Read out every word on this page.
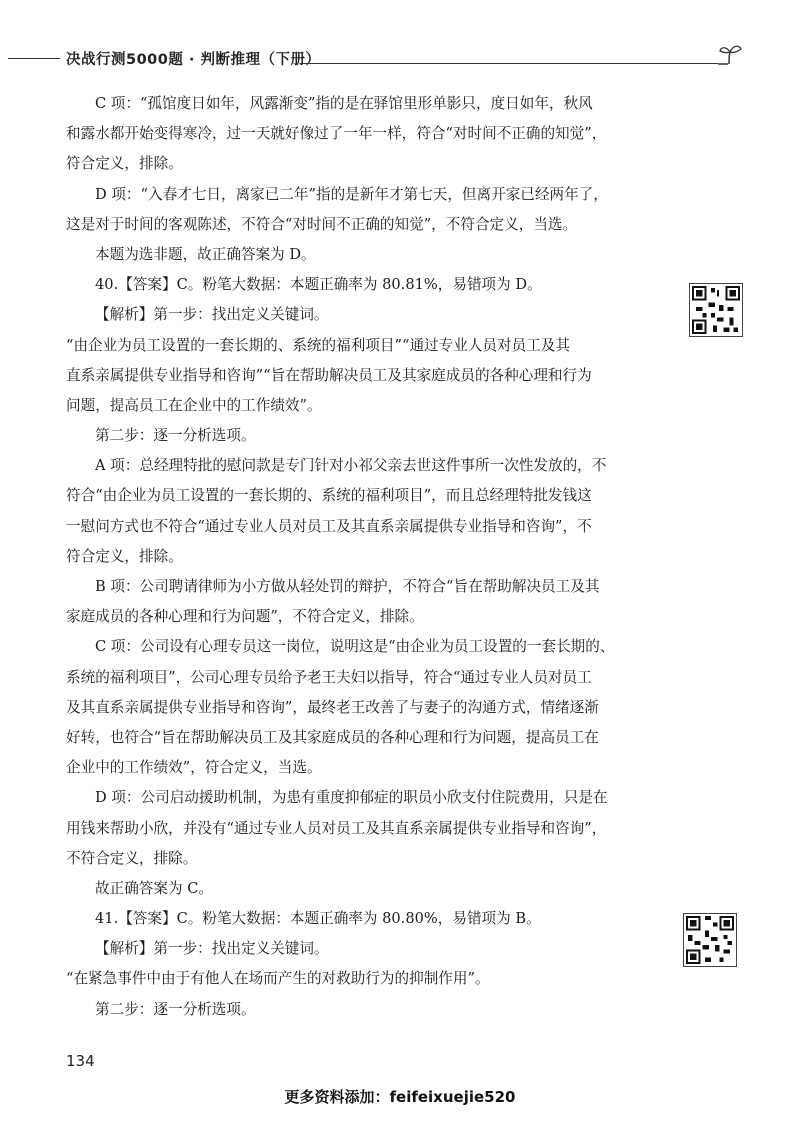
决战行测5000题 · 判断推理（下册）
C 项：“孤馆度日如年，风露渐变”指的是在驿馆里形单影只，度日如年，秋风
和露水都开始变得寒冷，过一天就好像过了一年一样，符合“对时间不正确的知觉”，
符合定义，排除。
D 项：“入春才七日，离家已二年”指的是新年才第七天，但离开家已经两年了，
这是对于时间的客观陈述，不符合“对时间不正确的知觉”，不符合定义，当选。
本题为选非题，故正确答案为 D。
40.【答案】C。粉笔大数据：本题正确率为 80.81%，易错项为 D。
【解析】第一步：找出定义关键词。
“由企业为员工设置的一套长期的、系统的福利项目”“通过专业人员对员工及其
直系亲属提供专业指导和咨询”“旨在帮助解决员工及其家庭成员的各种心理和行为
问题，提高员工在企业中的工作绩效”。
第二步：逐一分析选项。
A 项：总经理特批的慰问款是专门针对小祁父亲去世这件事所一次性发放的，不
符合“由企业为员工设置的一套长期的、系统的福利项目”，而且总经理特批发钱这
一慰问方式也不符合“通过专业人员对员工及其直系亲属提供专业指导和咨询”，不
符合定义，排除。
B 项：公司聘请律师为小方做从轻处罚的辩护，不符合“旨在帮助解决员工及其
家庭成员的各种心理和行为问题”，不符合定义，排除。
C 项：公司设有心理专员这一岗位，说明这是“由企业为员工设置的一套长期的、
系统的福利项目”，公司心理专员给予老王夫妇以指导，符合“通过专业人员对员工
及其直系亲属提供专业指导和咨询”，最终老王改善了与妻子的沟通方式，情绪逐渐
好转，也符合“旨在帮助解决员工及其家庭成员的各种心理和行为问题，提高员工在
企业中的工作绩效”，符合定义，当选。
D 项：公司启动援助机制，为患有重度抑郁症的职员小欣支付住院费用，只是在
用钱来帮助小欣，并没有“通过专业人员对员工及其直系亲属提供专业指导和咨询”，
不符合定义，排除。
故正确答案为 C。
41.【答案】C。粉笔大数据：本题正确率为 80.80%，易错项为 B。
【解析】第一步：找出定义关键词。
“在紧急事件中由于有他人在场而产生的对救助行为的抑制作用”。
第二步：逐一分析选项。
134
更多资料添加：feifeixuejie520
